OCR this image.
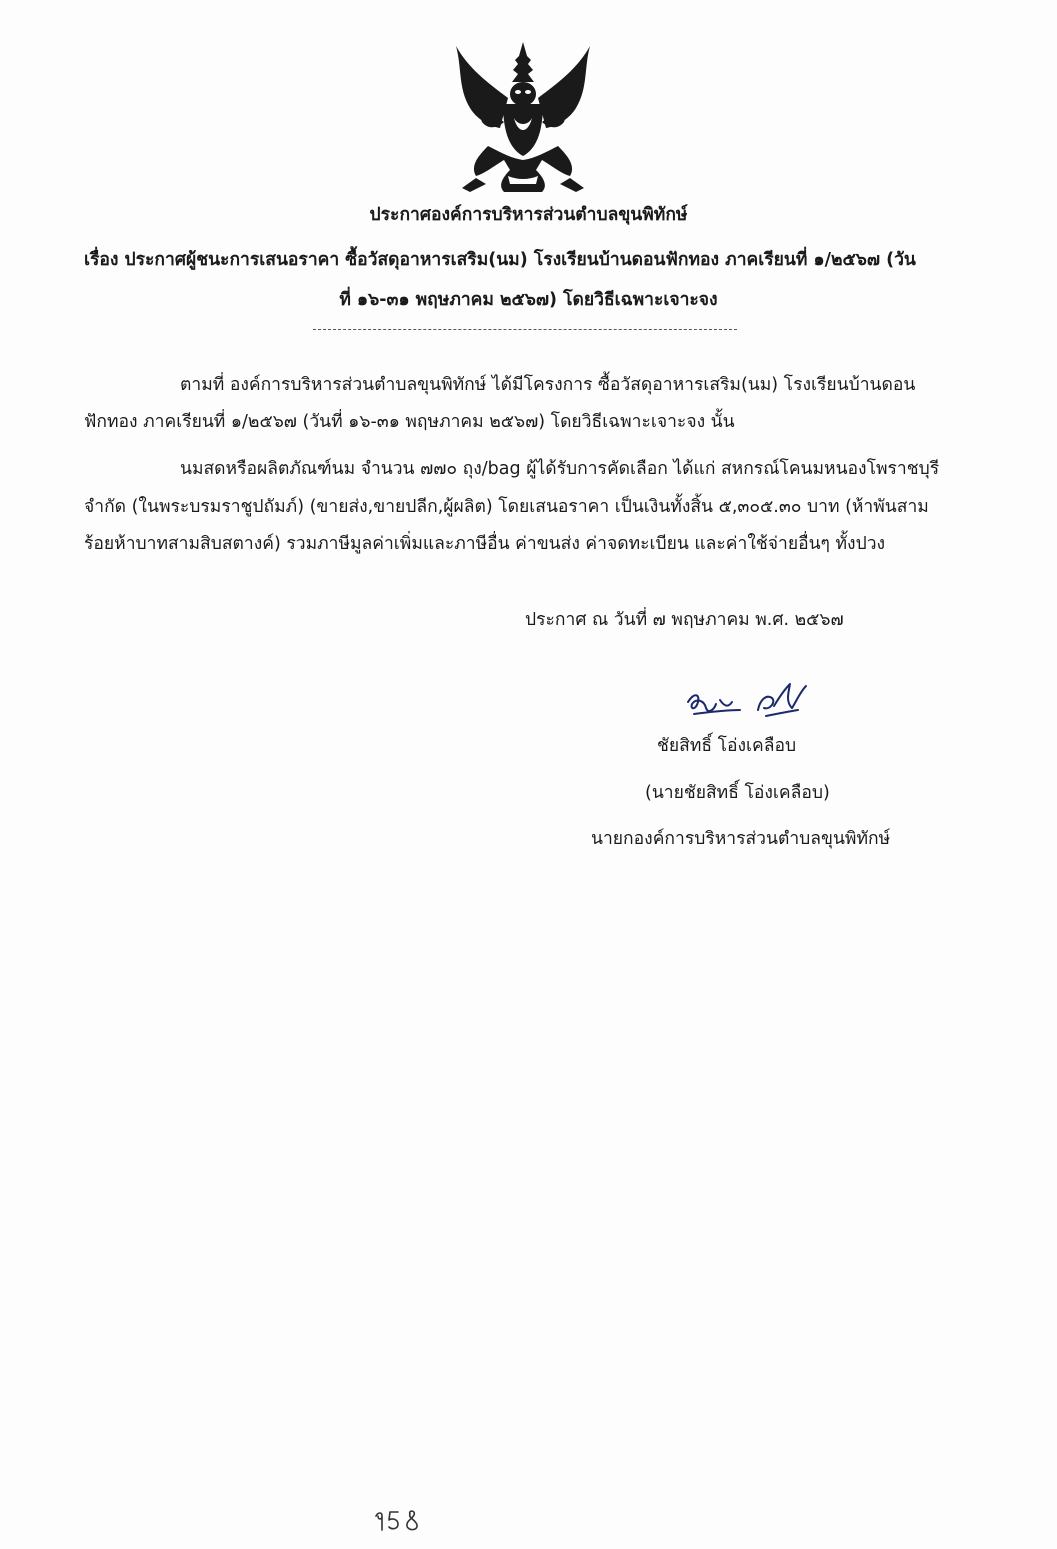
ประกาศองค์การบริหารส่วนตำบลขุนพิทักษ์
เรื่อง ประกาศผู้ชนะการเสนอราคา ซื้อวัสดุอาหารเสริม(นม) โรงเรียนบ้านดอนฟักทอง ภาคเรียนที่ ๑/๒๕๖๗ (วัน
ที่ ๑๖-๓๑ พฤษภาคม ๒๕๖๗) โดยวิธีเฉพาะเจาะจง
ตามที่ องค์การบริหารส่วนตำบลขุนพิทักษ์ ได้มีโครงการ ซื้อวัสดุอาหารเสริม(นม) โรงเรียนบ้านดอน
ฟักทอง ภาคเรียนที่ ๑/๒๕๖๗ (วันที่ ๑๖-๓๑ พฤษภาคม ๒๕๖๗) โดยวิธีเฉพาะเจาะจง นั้น
นมสดหรือผลิตภัณฑ์นม จำนวน ๗๗๐ ถุง/bag ผู้ได้รับการคัดเลือก ได้แก่ สหกรณ์โคนมหนองโพราชบุรี
จำกัด (ในพระบรมราชูปถัมภ์) (ขายส่ง,ขายปลีก,ผู้ผลิต) โดยเสนอราคา เป็นเงินทั้งสิ้น ๕,๓๐๕.๓๐ บาท (ห้าพันสาม
ร้อยห้าบาทสามสิบสตางค์) รวมภาษีมูลค่าเพิ่มและภาษีอื่น ค่าขนส่ง ค่าจดทะเบียน และค่าใช้จ่ายอื่นๆ ทั้งปวง
ประกาศ ณ วันที่ ๗ พฤษภาคม พ.ศ. ๒๕๖๗
ชัยสิทธิ์ โอ่งเคลือบ
(นายชัยสิทธิ์ โอ่งเคลือบ)
นายกองค์การบริหารส่วนตำบลขุนพิทักษ์
